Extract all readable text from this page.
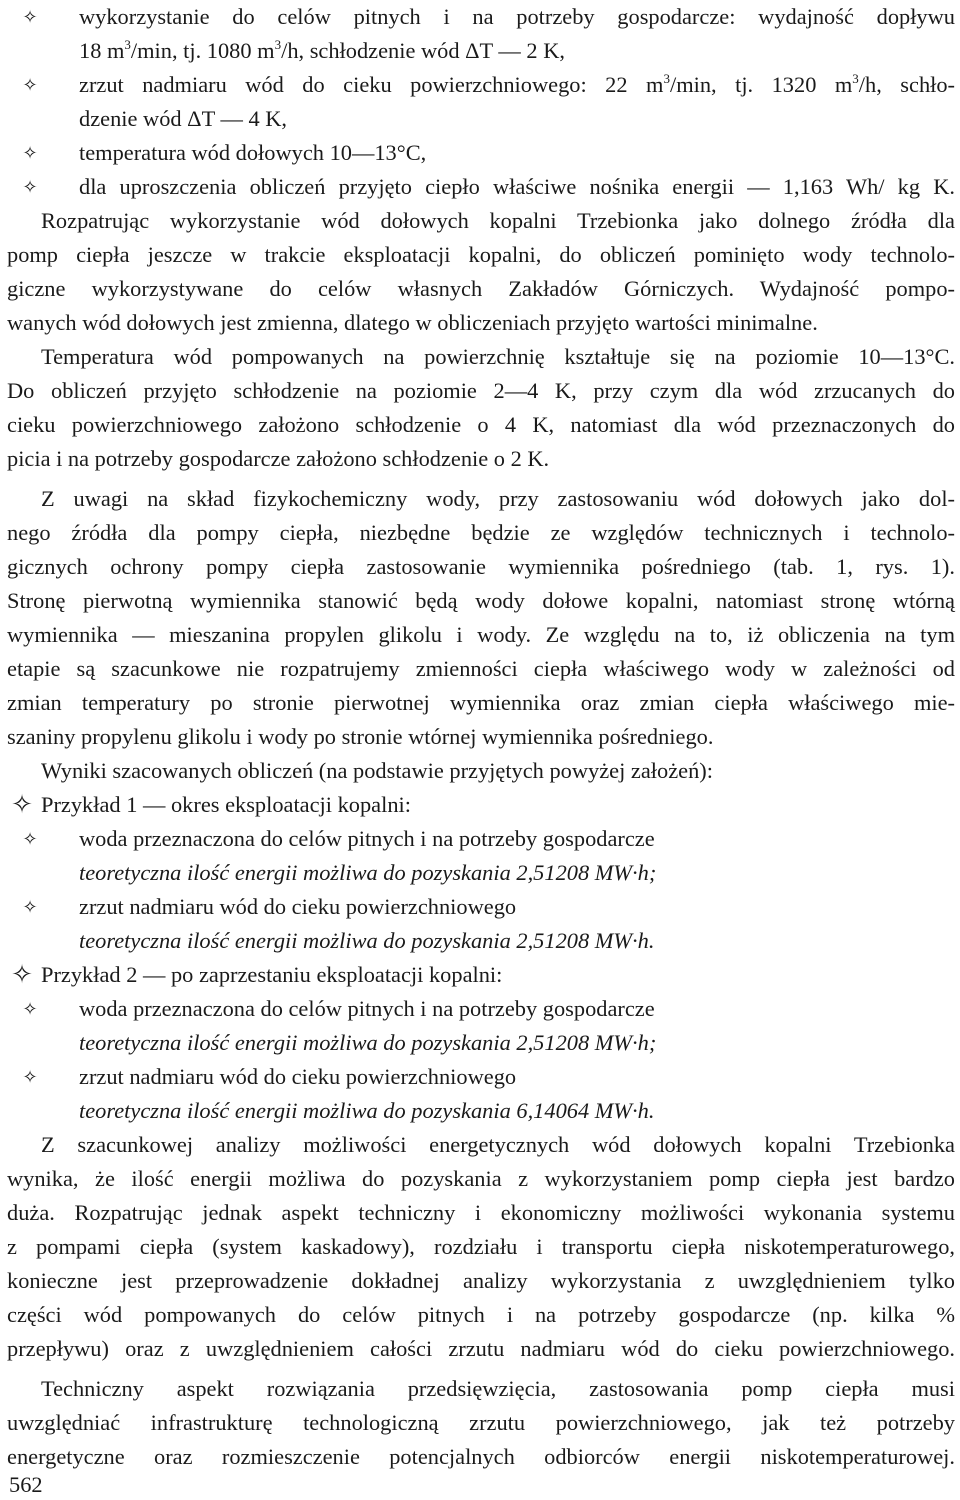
✧ wykorzystanie do celów pitnych i na potrzeby gospodarcze: wydajność dopływu
18 $m^3/\min$, tj. 1080 $m^3/h$, schłodzenie wód ΔT — 2 K,
✧ zrzut nadmiaru wód do cieku powierzchniowego: 22 $m^3/\min$, tj. 1320 $m^3/h$, schło-
dzenie wód ΔT — 4 K,
✧ temperatura wód dołowych 10—13°C,
✧ dla uproszczenia obliczeń przyjęto ciepło właściwe nośnika energii — 1,163 Wh/ kg K.
Rozpatrując wykorzystanie wód dołowych kopalni Trzebionka jako dolnego źródła dla
pomp ciepła jeszcze w trakcie eksploatacji kopalni, do obliczeń pominięto wody technolo-
giczne wykorzystywane do celów własnych Zakładów Górniczych. Wydajność pompo-
wanych wód dołowych jest zmienna, dlatego w obliczeniach przyjęto wartości minimalne.
Temperatura wód pompowanych na powierzchnię kształtuje się na poziomie 10—13°C.
Do obliczeń przyjęto schłodzenie na poziomie 2—4 K, przy czym dla wód zrzucanych do
cieku powierzchniowego założono schłodzenie o 4 K, natomiast dla wód przeznaczonych do
picia i na potrzeby gospodarcze założono schłodzenie o 2 K.
Z uwagi na skład fizykochemiczny wody, przy zastosowaniu wód dołowych jako dol-
nego źródła dla pompy ciepła, niezbędne będzie ze względów technicznych i technolo-
gicznych ochrony pompy ciepła zastosowanie wymiennika pośredniego (tab. 1, rys. 1).
Stronę pierwotną wymiennika stanowić będą wody dołowe kopalni, natomiast stronę wtórną
wymiennika — mieszanina propylen glikolu i wody. Ze względu na to, iż obliczenia na tym
etapie są szacunkowe nie rozpatrujemy zmienności ciepła właściwego wody w zależności od
zmian temperatury po stronie pierwotnej wymiennika oraz zmian ciepła właściwego mie-
szaniny propylenu glikolu i wody po stronie wtórnej wymiennika pośredniego.
Wyniki szacowanych obliczeń (na podstawie przyjętych powyżej założeń):
✧ Przykład 1 — okres eksploatacji kopalni:
✧ woda przeznaczona do celów pitnych i na potrzeby gospodarcze
teoretyczna ilość energii możliwa do pozyskania 2,51208 MW·h;
✧ zrzut nadmiaru wód do cieku powierzchniowego
teoretyczna ilość energii możliwa do pozyskania 2,51208 MW·h.
✧ Przykład 2 — po zaprzestaniu eksploatacji kopalni:
✧ woda przeznaczona do celów pitnych i na potrzeby gospodarcze
teoretyczna ilość energii możliwa do pozyskania 2,51208 MW·h;
✧ zrzut nadmiaru wód do cieku powierzchniowego
teoretyczna ilość energii możliwa do pozyskania 6,14064 MW·h.
Z szacunkowej analizy możliwości energetycznych wód dołowych kopalni Trzebionka
wynika, że ilość energii możliwa do pozyskania z wykorzystaniem pomp ciepła jest bardzo
duża. Rozpatrując jednak aspekt techniczny i ekonomiczny możliwości wykonania systemu
z pompami ciepła (system kaskadowy), rozdziału i transportu ciepła niskotemperaturowego,
konieczne jest przeprowadzenie dokładnej analizy wykorzystania z uwzględnieniem tylko
części wód pompowanych do celów pitnych i na potrzeby gospodarcze (np. kilka %
przepływu) oraz z uwzględnieniem całości zrzutu nadmiaru wód do cieku powierzchniowego.
Techniczny aspekt rozwiązania przedsięwzięcia, zastosowania pomp ciepła musi
uwzględniać infrastrukturę technologiczną zrzutu powierzchniowego, jak też potrzeby
energetyczne oraz rozmieszczenie potencjalnych odbiorców energii niskotemperaturowej.
562
